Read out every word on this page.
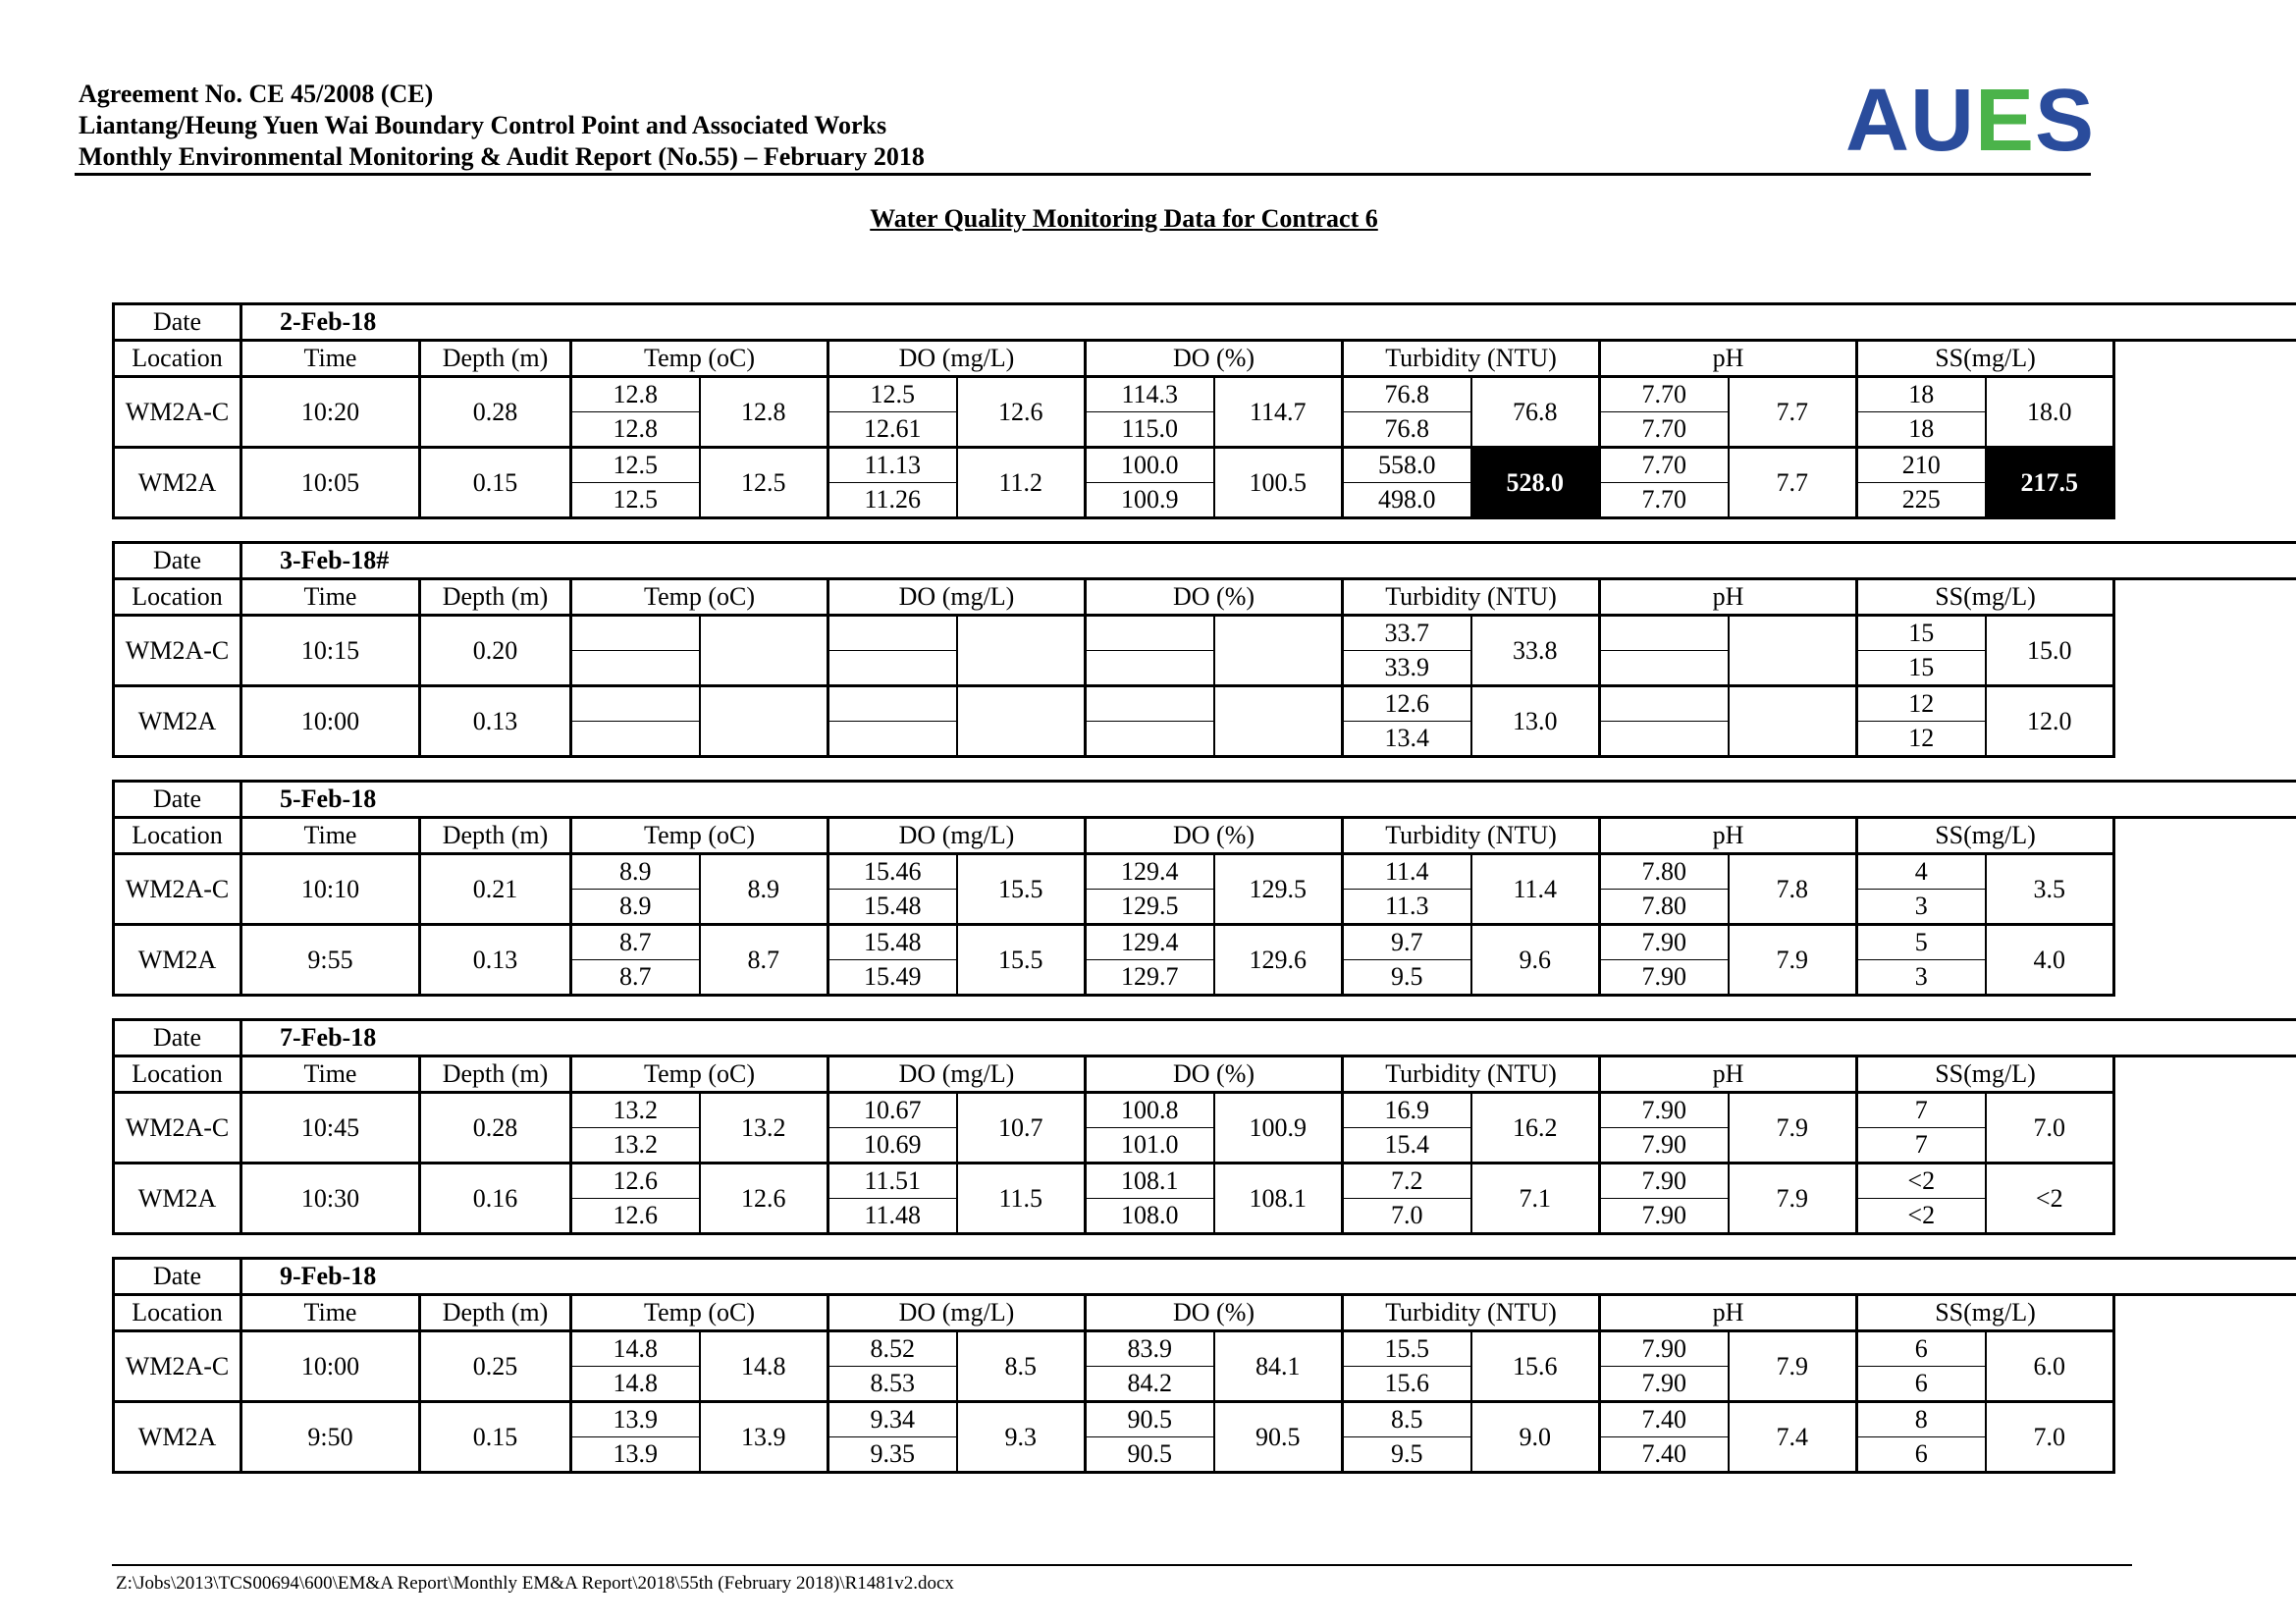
Agreement No. CE 45/2008 (CE)
Liantang/Heung Yuen Wai Boundary Control Point and Associated Works
Monthly Environmental Monitoring & Audit Report (No.55) – February 2018	AUES
Water Quality Monitoring Data for Contract 6
Date	2-Feb-18													
Location	Time	Depth (m)	Temp (oC)		DO (mg/L)		DO (%)		Turbidity (NTU)		pH		SS(mg/L)	
WM2A-C	10:20	0.28	12.8	12.8	12.5	12.6	114.3	114.7	76.8	76.8	7.70	7.7	18	18.0
			12.8		12.61		115.0		76.8		7.70		18	
WM2A	10:05	0.15	12.5	12.5	11.13	11.2	100.0	100.5	558.0	528.0	7.70	7.7	210	217.5
			12.5		11.26		100.9		498.0		7.70		225	
Date	3-Feb-18#													
Location	Time	Depth (m)	Temp (oC)		DO (mg/L)		DO (%)		Turbidity (NTU)		pH		SS(mg/L)	
WM2A-C	10:15	0.20							33.7	33.8			15	15.0
									33.9				15	
WM2A	10:00	0.13							12.6	13.0			12	12.0
									13.4				12	
Date	5-Feb-18													
Location	Time	Depth (m)	Temp (oC)		DO (mg/L)		DO (%)		Turbidity (NTU)		pH		SS(mg/L)	
WM2A-C	10:10	0.21	8.9	8.9	15.46	15.5	129.4	129.5	11.4	11.4	7.80	7.8	4	3.5
			8.9		15.48		129.5		11.3		7.80		3	
WM2A	9:55	0.13	8.7	8.7	15.48	15.5	129.4	129.6	9.7	9.6	7.90	7.9	5	4.0
			8.7		15.49		129.7		9.5		7.90		3	
Date	7-Feb-18													
Location	Time	Depth (m)	Temp (oC)		DO (mg/L)		DO (%)		Turbidity (NTU)		pH		SS(mg/L)	
WM2A-C	10:45	0.28	13.2	13.2	10.67	10.7	100.8	100.9	16.9	16.2	7.90	7.9	7	7.0
			13.2		10.69		101.0		15.4		7.90		7	
WM2A	10:30	0.16	12.6	12.6	11.51	11.5	108.1	108.1	7.2	7.1	7.90	7.9	<2	<2
			12.6		11.48		108.0		7.0		7.90		<2	
Date	9-Feb-18													
Location	Time	Depth (m)	Temp (oC)		DO (mg/L)		DO (%)		Turbidity (NTU)		pH		SS(mg/L)	
WM2A-C	10:00	0.25	14.8	14.8	8.52	8.5	83.9	84.1	15.5	15.6	7.90	7.9	6	6.0
			14.8		8.53		84.2		15.6		7.90		6	
WM2A	9:50	0.15	13.9	13.9	9.34	9.3	90.5	90.5	8.5	9.0	7.40	7.4	8	7.0
			13.9		9.35		90.5		9.5		7.40		6	
Z:\Jobs\2013\TCS00694\600\EM&A Report\Monthly EM&A Report\2018\55th (February 2018)\R1481v2.docx
